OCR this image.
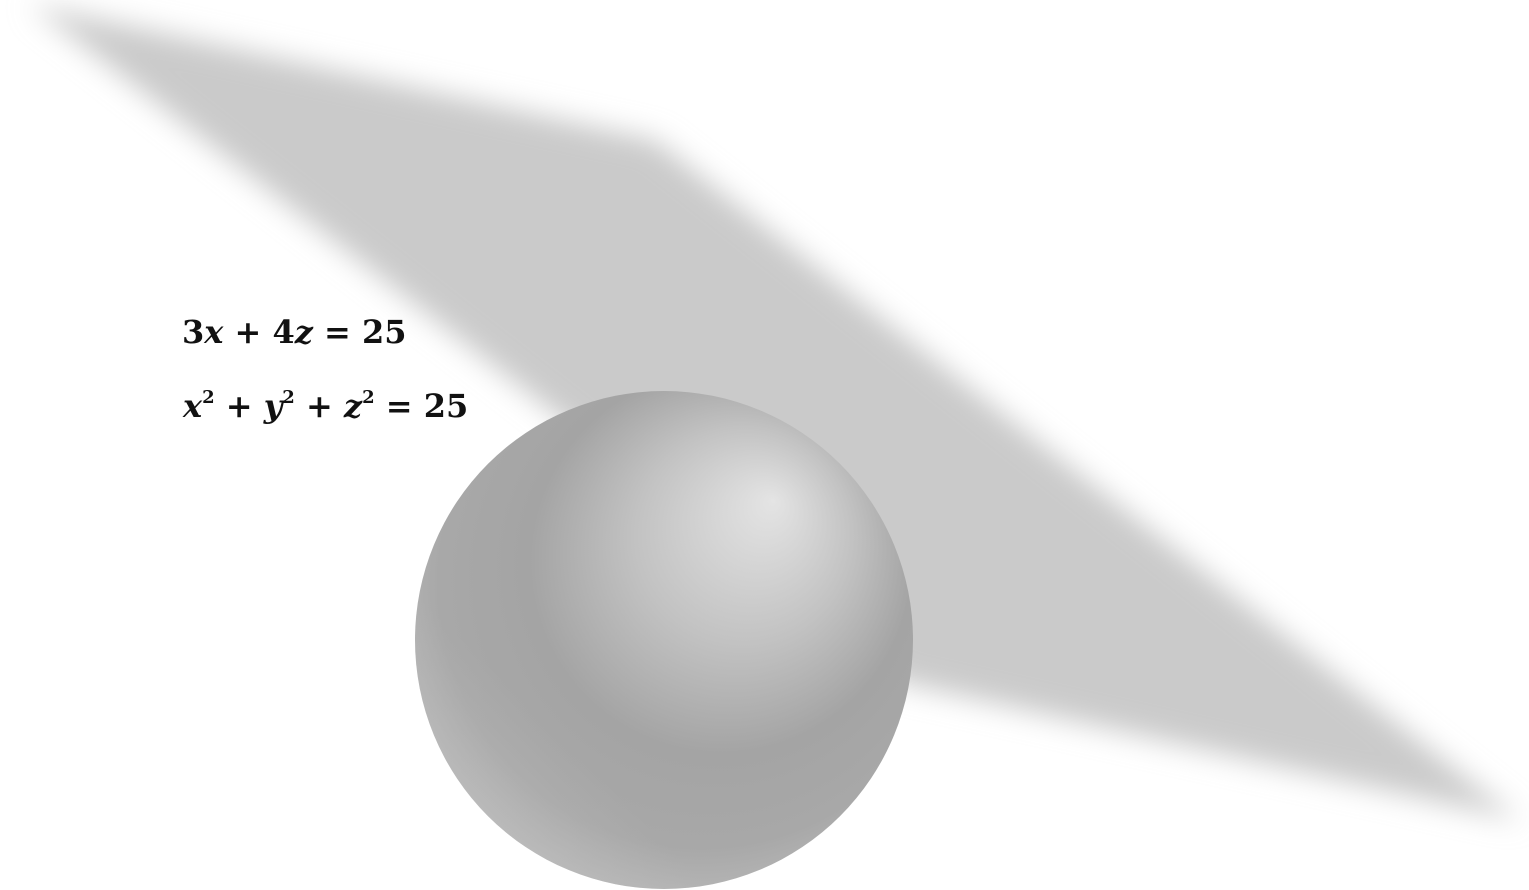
3x + 4z = 25
$x^2 + y^2 + z^2 = 25$
